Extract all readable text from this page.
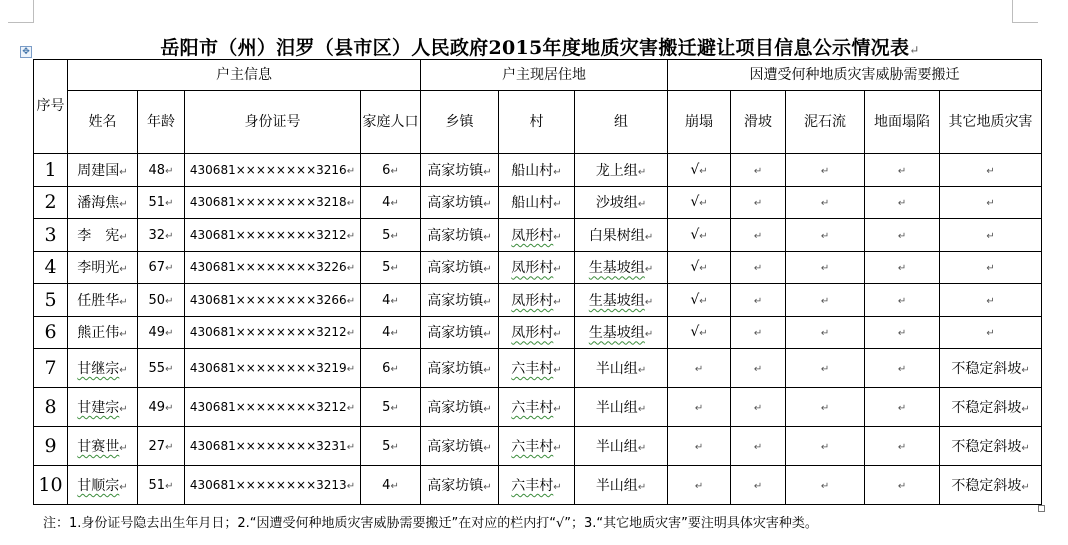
✥	岳阳市（州）汨罗（县市区）人民政府2015年度地质灾害搬迁避让项目信息公示情况表↵
序号	户主信息				户主现居住地			因遭受何种地质灾害威胁需要搬迁				
	姓名	年龄	身份证号	家庭人口	乡镇	村	组	崩塌	滑坡	泥石流	地面塌陷	其它地质灾害
1	周建国↵	48↵	430681××××××××3216↵	6↵	高家坊镇↵	船山村↵	龙上组↵	√↵	↵	↵	↵	↵
2	潘海焦↵	51↵	430681××××××××3218↵	4↵	高家坊镇↵	船山村↵	沙坡组↵	√↵	↵	↵	↵	↵
3	李　宪↵	32↵	430681××××××××3212↵	5↵	高家坊镇↵	凤形村↵	白果树组↵	√↵	↵	↵	↵	↵
4	李明光↵	67↵	430681××××××××3226↵	5↵	高家坊镇↵	凤形村↵	生基坡组↵	√↵	↵	↵	↵	↵
5	任胜华↵	50↵	430681××××××××3266↵	4↵	高家坊镇↵	凤形村↵	生基坡组↵	√↵	↵	↵	↵	↵
6	熊正伟↵	49↵	430681××××××××3212↵	4↵	高家坊镇↵	凤形村↵	生基坡组↵	√↵	↵	↵	↵	↵
7	甘继宗↵	55↵	430681××××××××3219↵	6↵	高家坊镇↵	六丰村↵	半山组↵	↵	↵	↵	↵	不稳定斜坡↵
8	甘建宗↵	49↵	430681××××××××3212↵	5↵	高家坊镇↵	六丰村↵	半山组↵	↵	↵	↵	↵	不稳定斜坡↵
9	甘赛世↵	27↵	430681××××××××3231↵	5↵	高家坊镇↵	六丰村↵	半山组↵	↵	↵	↵	↵	不稳定斜坡↵
10	甘顺宗↵	51↵	430681××××××××3213↵	4↵	高家坊镇↵	六丰村↵	半山组↵	↵	↵	↵	↵	不稳定斜坡↵
注：1.身份证号隐去出生年月日；2.“因遭受何种地质灾害威胁需要搬迁”在对应的栏内打“√”；3.“其它地质灾害”要注明具体灾害种类。
